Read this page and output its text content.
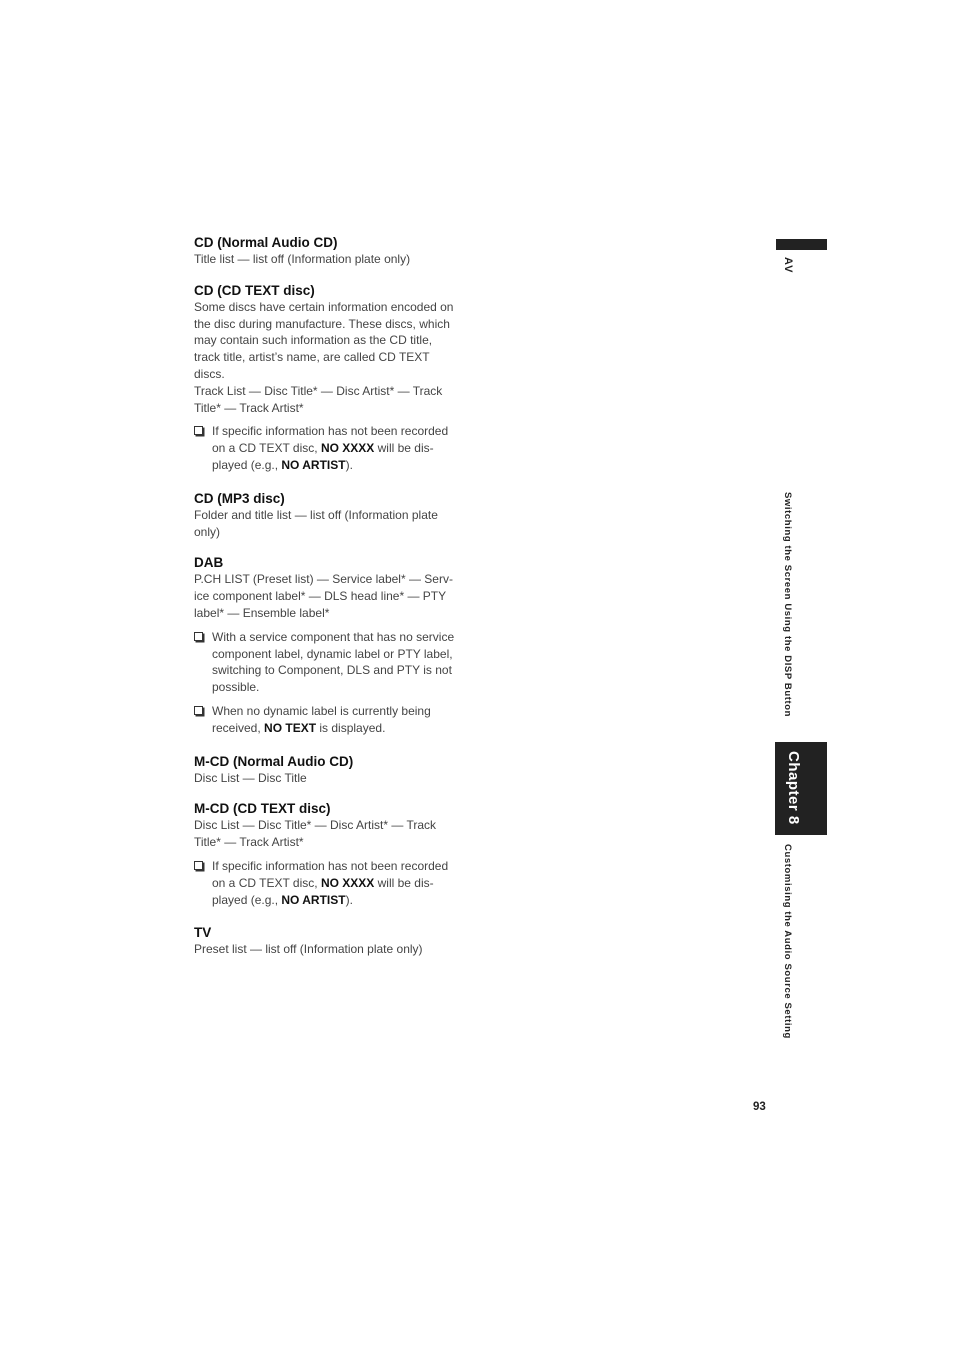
CD (Normal Audio CD)

Title list — list off (Information plate only)

CD (CD TEXT disc)

Some discs have certain information encoded on

the disc during manufacture. These discs, which

may contain such information as the CD title,

track title, artist’s name, are called CD TEXT

discs.

Track List — Disc Title* — Disc Artist* — Track

Title* — Track Artist*

If specific information has not been recorded
on a CD TEXT disc, NO XXXX will be dis-
played (e.g., NO ARTIST).

CD (MP3 disc)

Folder and title list — list off (Information plate

only)

DAB

P.CH LIST (Preset list) — Service label* — Serv-

ice component label* — DLS head line* — PTY

label* — Ensemble label*

With a service component that has no service
component label, dynamic label or PTY label,
switching to Component, DLS and PTY is not
possible.
When no dynamic label is currently being
received, NO TEXT is displayed.

M-CD (Normal Audio CD)

Disc List — Disc Title

M-CD (CD TEXT disc)

Disc List — Disc Title* — Disc Artist* — Track

Title* — Track Artist*

If specific information has not been recorded
on a CD TEXT disc, NO XXXX will be dis-
played (e.g., NO ARTIST).

TV

Preset list — list off (Information plate only)

AV
Switching the Screen Using the DISP Button
Chapter 8
Customising the Audio Source Setting
93
